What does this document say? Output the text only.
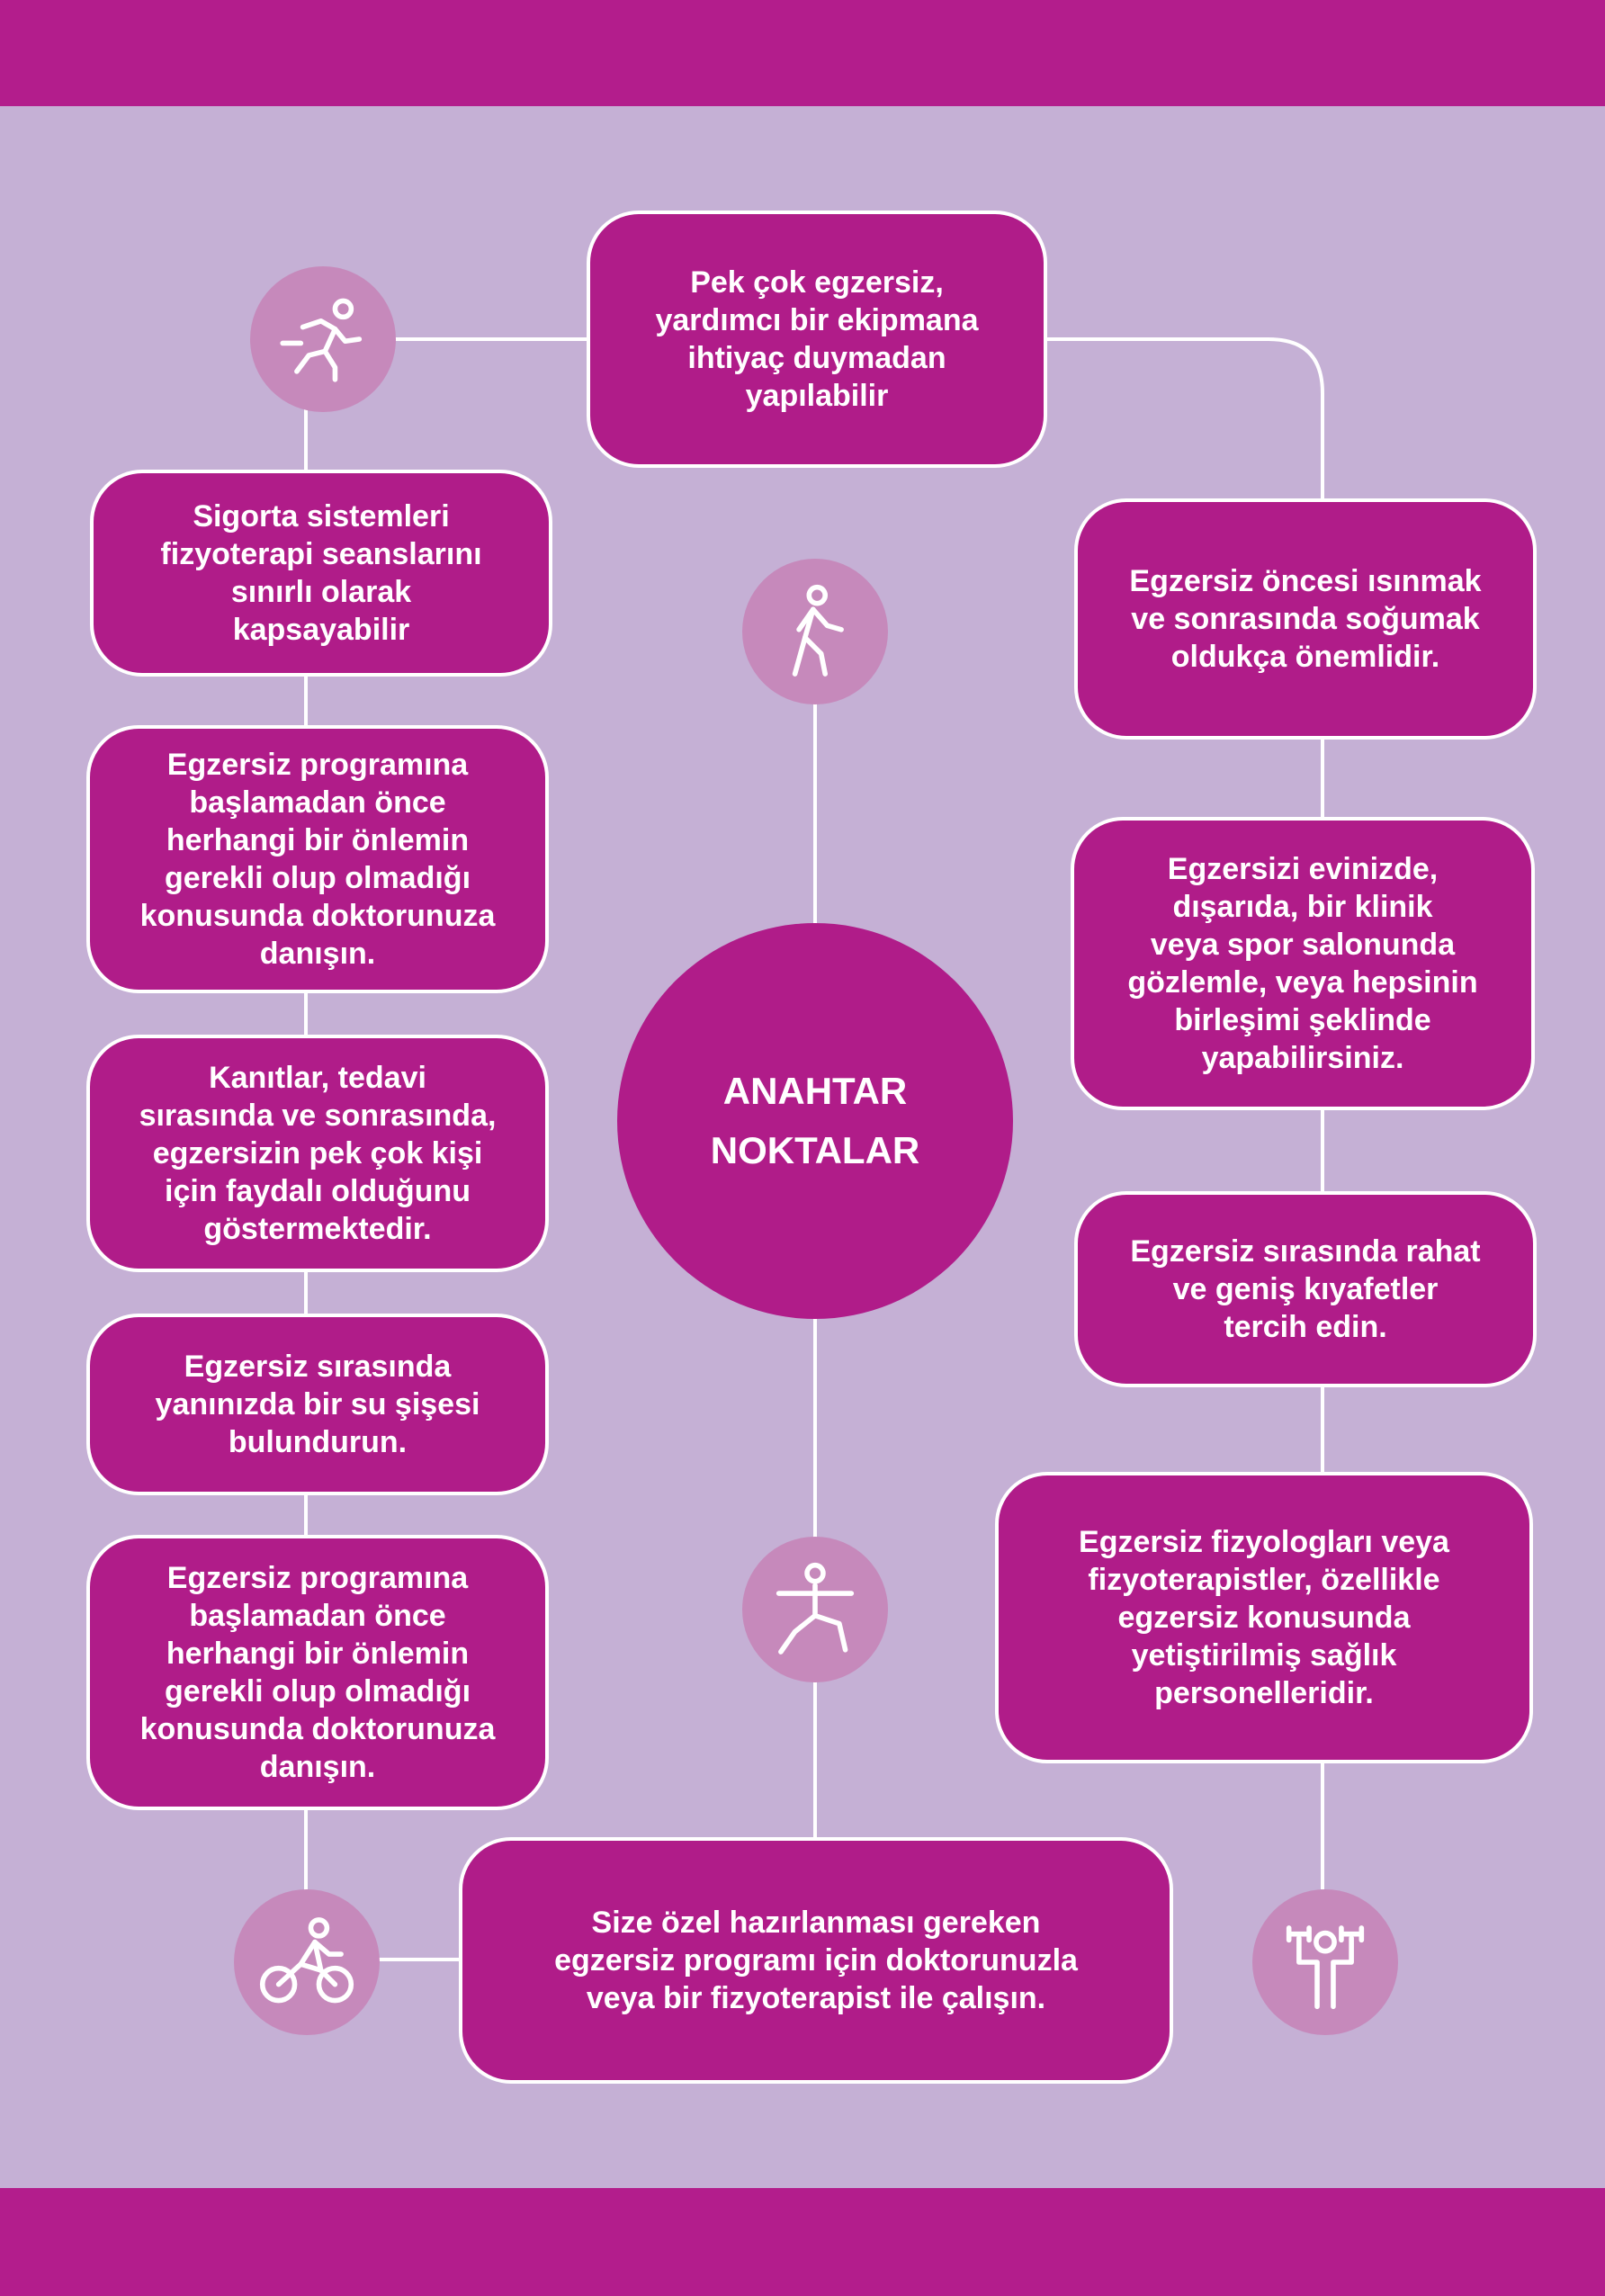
ANAHTAR
NOKTALAR
Pek çok egzersiz,
yardımcı bir ekipmana
ihtiyaç duymadan
yapılabilir
Sigorta sistemleri
fizyoterapi seanslarını
sınırlı olarak
kapsayabilir
Egzersiz programına
başlamadan önce
herhangi bir önlemin
gerekli olup olmadığı
konusunda doktorunuza
danışın.
Kanıtlar, tedavi
sırasında ve sonrasında,
egzersizin pek çok kişi
için faydalı olduğunu
göstermektedir.
Egzersiz sırasında
yanınızda bir su şişesi
bulundurun.
Egzersiz programına
başlamadan önce
herhangi bir önlemin
gerekli olup olmadığı
konusunda doktorunuza
danışın.
Egzersiz öncesi ısınmak
ve sonrasında soğumak
oldukça önemlidir.
Egzersizi evinizde,
dışarıda, bir klinik
veya spor salonunda
gözlemle, veya hepsinin
birleşimi şeklinde
yapabilirsiniz.
Egzersiz sırasında rahat
ve geniş kıyafetler
tercih edin.
Egzersiz fizyologları veya
fizyoterapistler, özellikle
egzersiz konusunda
yetiştirilmiş sağlık
personelleridir.
Size özel hazırlanması gereken
egzersiz programı için doktorunuzla
veya bir fizyoterapist ile çalışın.
